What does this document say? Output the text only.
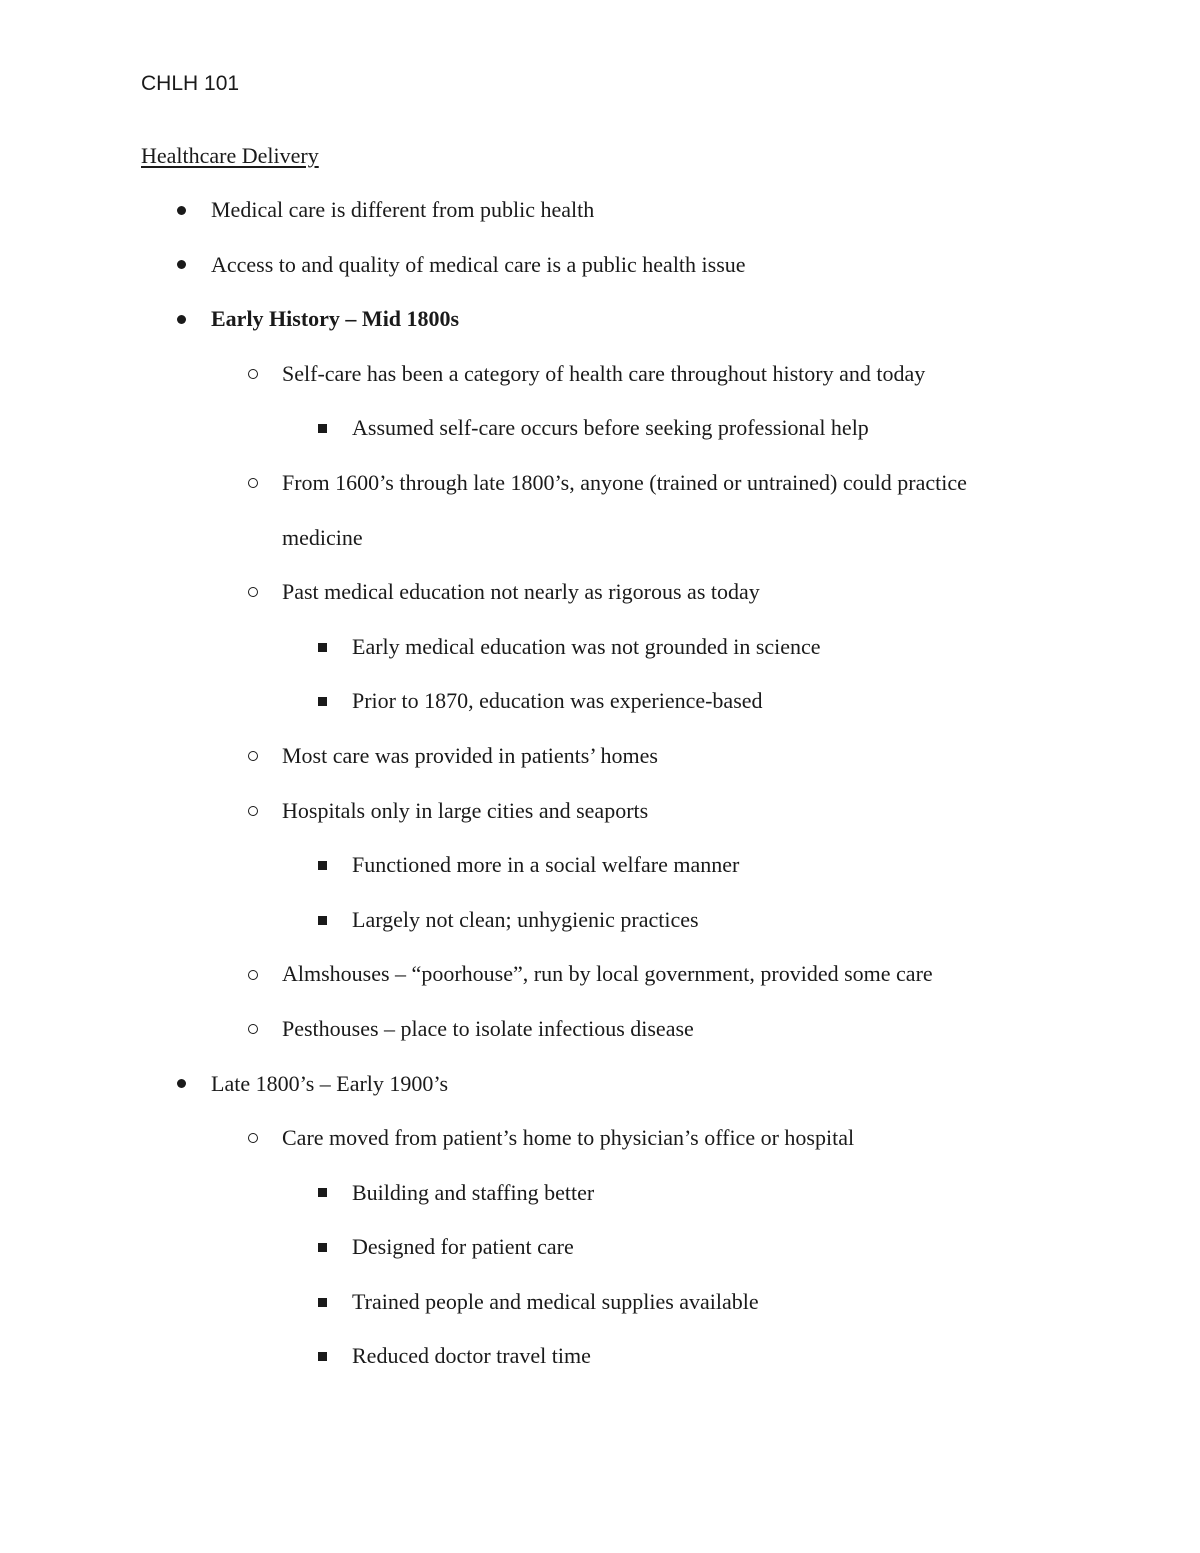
CHLH 101
Healthcare Delivery
Medical care is different from public health
Access to and quality of medical care is a public health issue
Early History – Mid 1800s
Self-care has been a category of health care throughout history and today
Assumed self-care occurs before seeking professional help
From 1600’s through late 1800’s, anyone (trained or untrained) could practice medicine
Past medical education not nearly as rigorous as today
Early medical education was not grounded in science
Prior to 1870, education was experience-based
Most care was provided in patients’ homes
Hospitals only in large cities and seaports
Functioned more in a social welfare manner
Largely not clean; unhygienic practices
Almshouses – “poorhouse”, run by local government, provided some care
Pesthouses – place to isolate infectious disease
Late 1800’s – Early 1900’s
Care moved from patient’s home to physician’s office or hospital
Building and staffing better
Designed for patient care
Trained people and medical supplies available
Reduced doctor travel time
